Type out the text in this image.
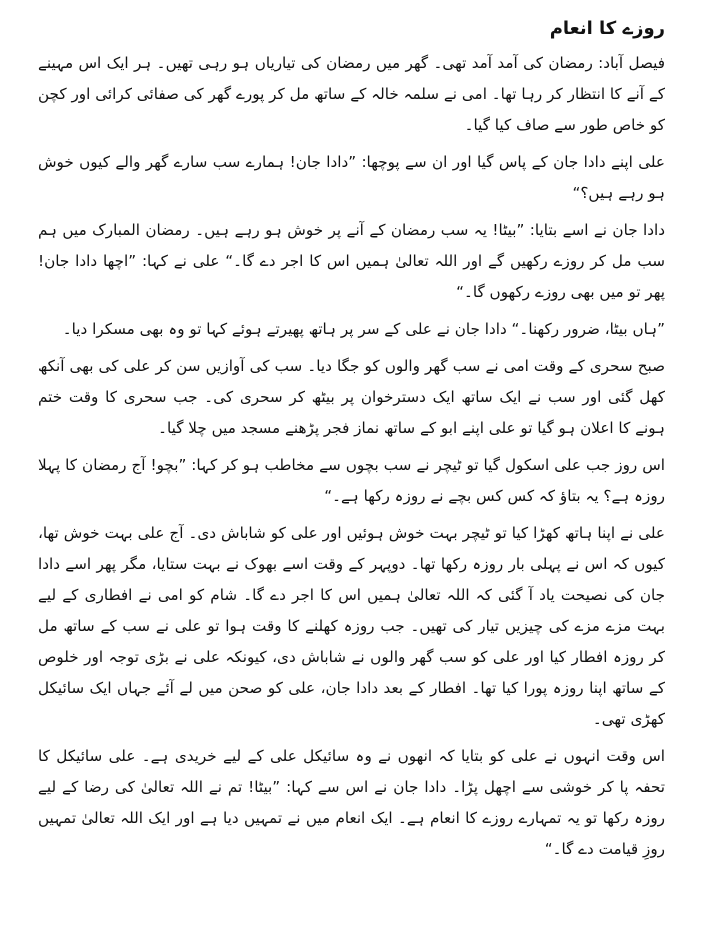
روزے کا انعام

فیصل آباد: رمضان کی آمد آمد تھی۔ گھر میں رمضان کی تیاریاں ہو رہی تھیں۔ ہر ایک اس مہینے کے آنے کا انتظار کر رہا تھا۔ امی نے سلمہ خالہ کے ساتھ مل کر پورے گھر کی صفائی کرائی اور کچن کو خاص طور سے صاف کیا گیا۔

علی اپنے دادا جان کے پاس گیا اور ان سے پوچھا: ”دادا جان! ہمارے سب سارے گھر والے کیوں خوش ہو رہے ہیں؟“

دادا جان نے اسے بتایا: ”بیٹا! یہ سب رمضان کے آنے پر خوش ہو رہے ہیں۔ رمضان المبارک میں ہم سب مل کر روزے رکھیں گے اور اللہ تعالیٰ ہمیں اس کا اجر دے گا۔“ علی نے کہا: ”اچھا دادا جان! پھر تو میں بھی روزے رکھوں گا۔“

”ہاں بیٹا، ضرور رکھنا۔“ دادا جان نے علی کے سر پر ہاتھ پھیرتے ہوئے کہا تو وہ بھی مسکرا دیا۔

صبح سحری کے وقت امی نے سب گھر والوں کو جگا دیا۔ سب کی آوازیں سن کر علی کی بھی آنکھ کھل گئی اور سب نے ایک ساتھ ایک دسترخوان پر بیٹھ کر سحری کی۔ جب سحری کا وقت ختم ہونے کا اعلان ہو گیا تو علی اپنے ابو کے ساتھ نماز فجر پڑھنے مسجد میں چلا گیا۔

اس روز جب علی اسکول گیا تو ٹیچر نے سب بچوں سے مخاطب ہو کر کہا: ”بچو! آج رمضان کا پہلا روزہ ہے؟ یہ بتاؤ کہ کس کس بچے نے روزہ رکھا ہے۔“

علی نے اپنا ہاتھ کھڑا کیا تو ٹیچر بہت خوش ہوئیں اور علی کو شاباش دی۔ آج علی بہت خوش تھا، کیوں کہ اس نے پہلی بار روزہ رکھا تھا۔ دوپہر کے وقت اسے بھوک نے بہت ستایا، مگر پھر اسے دادا جان کی نصیحت یاد آ گئی کہ اللہ تعالیٰ ہمیں اس کا اجر دے گا۔ شام کو امی نے افطاری کے لیے بہت مزے مزے کی چیزیں تیار کی تھیں۔ جب روزہ کھلنے کا وقت ہوا تو علی نے سب کے ساتھ مل کر روزہ افطار کیا اور علی کو سب گھر والوں نے شاباش دی، کیونکہ علی نے بڑی توجہ اور خلوص کے ساتھ اپنا روزہ پورا کیا تھا۔ افطار کے بعد دادا جان، علی کو صحن میں لے آئے جہاں ایک سائیکل کھڑی تھی۔

اس وقت انہوں نے علی کو بتایا کہ انھوں نے وہ سائیکل علی کے لیے خریدی ہے۔ علی سائیکل کا تحفہ پا کر خوشی سے اچھل پڑا۔ دادا جان نے اس سے کہا: ”بیٹا! تم نے اللہ تعالیٰ کی رضا کے لیے روزہ رکھا تو یہ تمہارے روزے کا انعام ہے۔ ایک انعام میں نے تمہیں دیا ہے اور ایک اللہ تعالیٰ تمہیں روزِ قیامت دے گا۔“
